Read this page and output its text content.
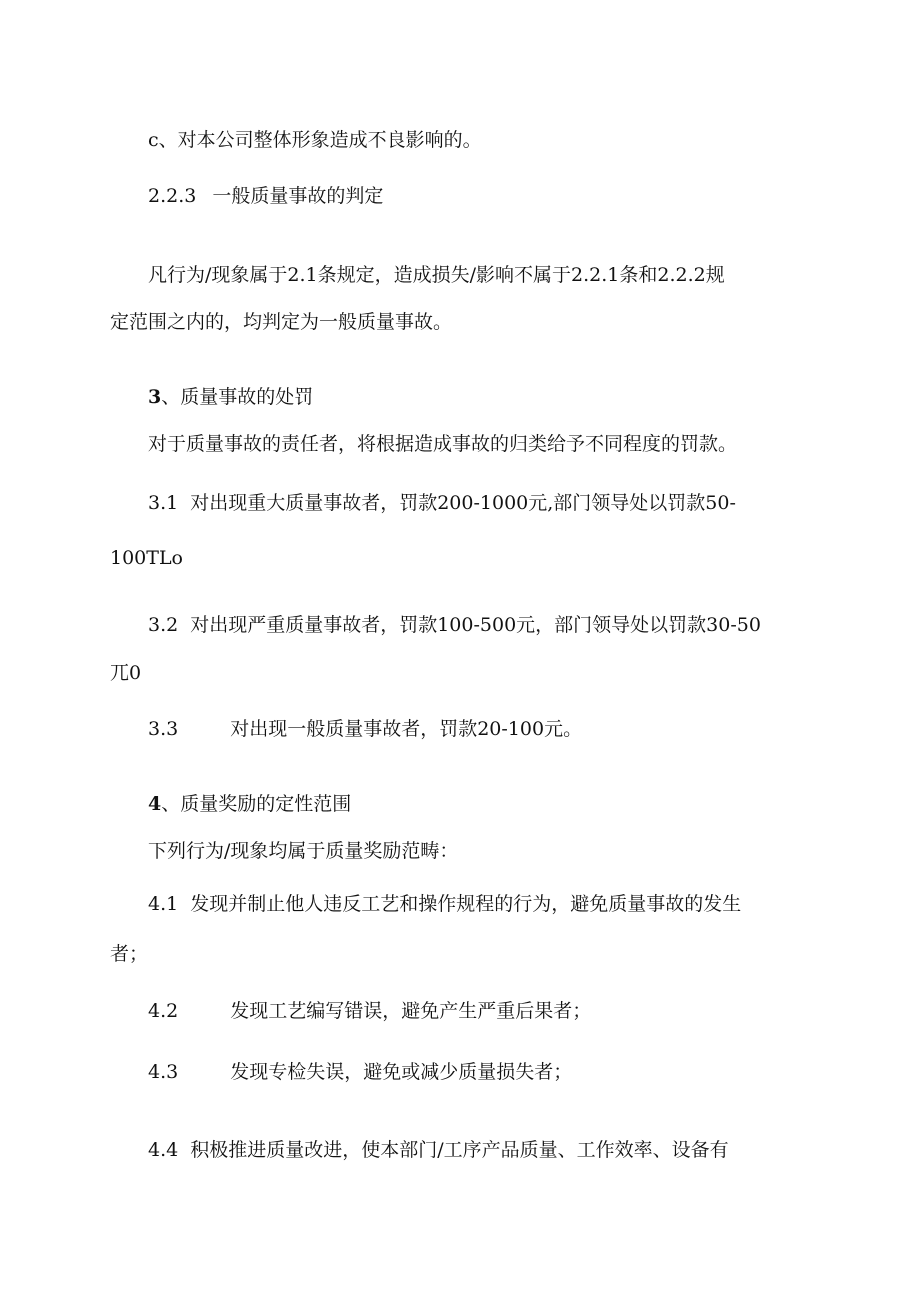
c、对本公司整体形象造成不良影响的。
2.2.3 一般质量事故的判定
凡行为/现象属于2.1条规定，造成损失/影响不属于2.2.1条和2.2.2规
定范围之内的，均判定为一般质量事故。
3、质量事故的处罚
对于质量事故的责任者，将根据造成事故的归类给予不同程度的罚款。
3.1 对出现重大质量事故者，罚款200-1000元,部门领导处以罚款50-
100TLo
3.2 对出现严重质量事故者，罚款100-500元，部门领导处以罚款30-50
兀0
3.3	对出现一般质量事故者，罚款20-100元。
4、质量奖励的定性范围
下列行为/现象均属于质量奖励范畴：
4.1 发现并制止他人违反工艺和操作规程的行为，避免质量事故的发生
者；
4.2	发现工艺编写错误，避免产生严重后果者；
4.3	发现专检失误，避免或减少质量损失者；
4.4 积极推进质量改进，使本部门/工序产品质量、工作效率、设备有
